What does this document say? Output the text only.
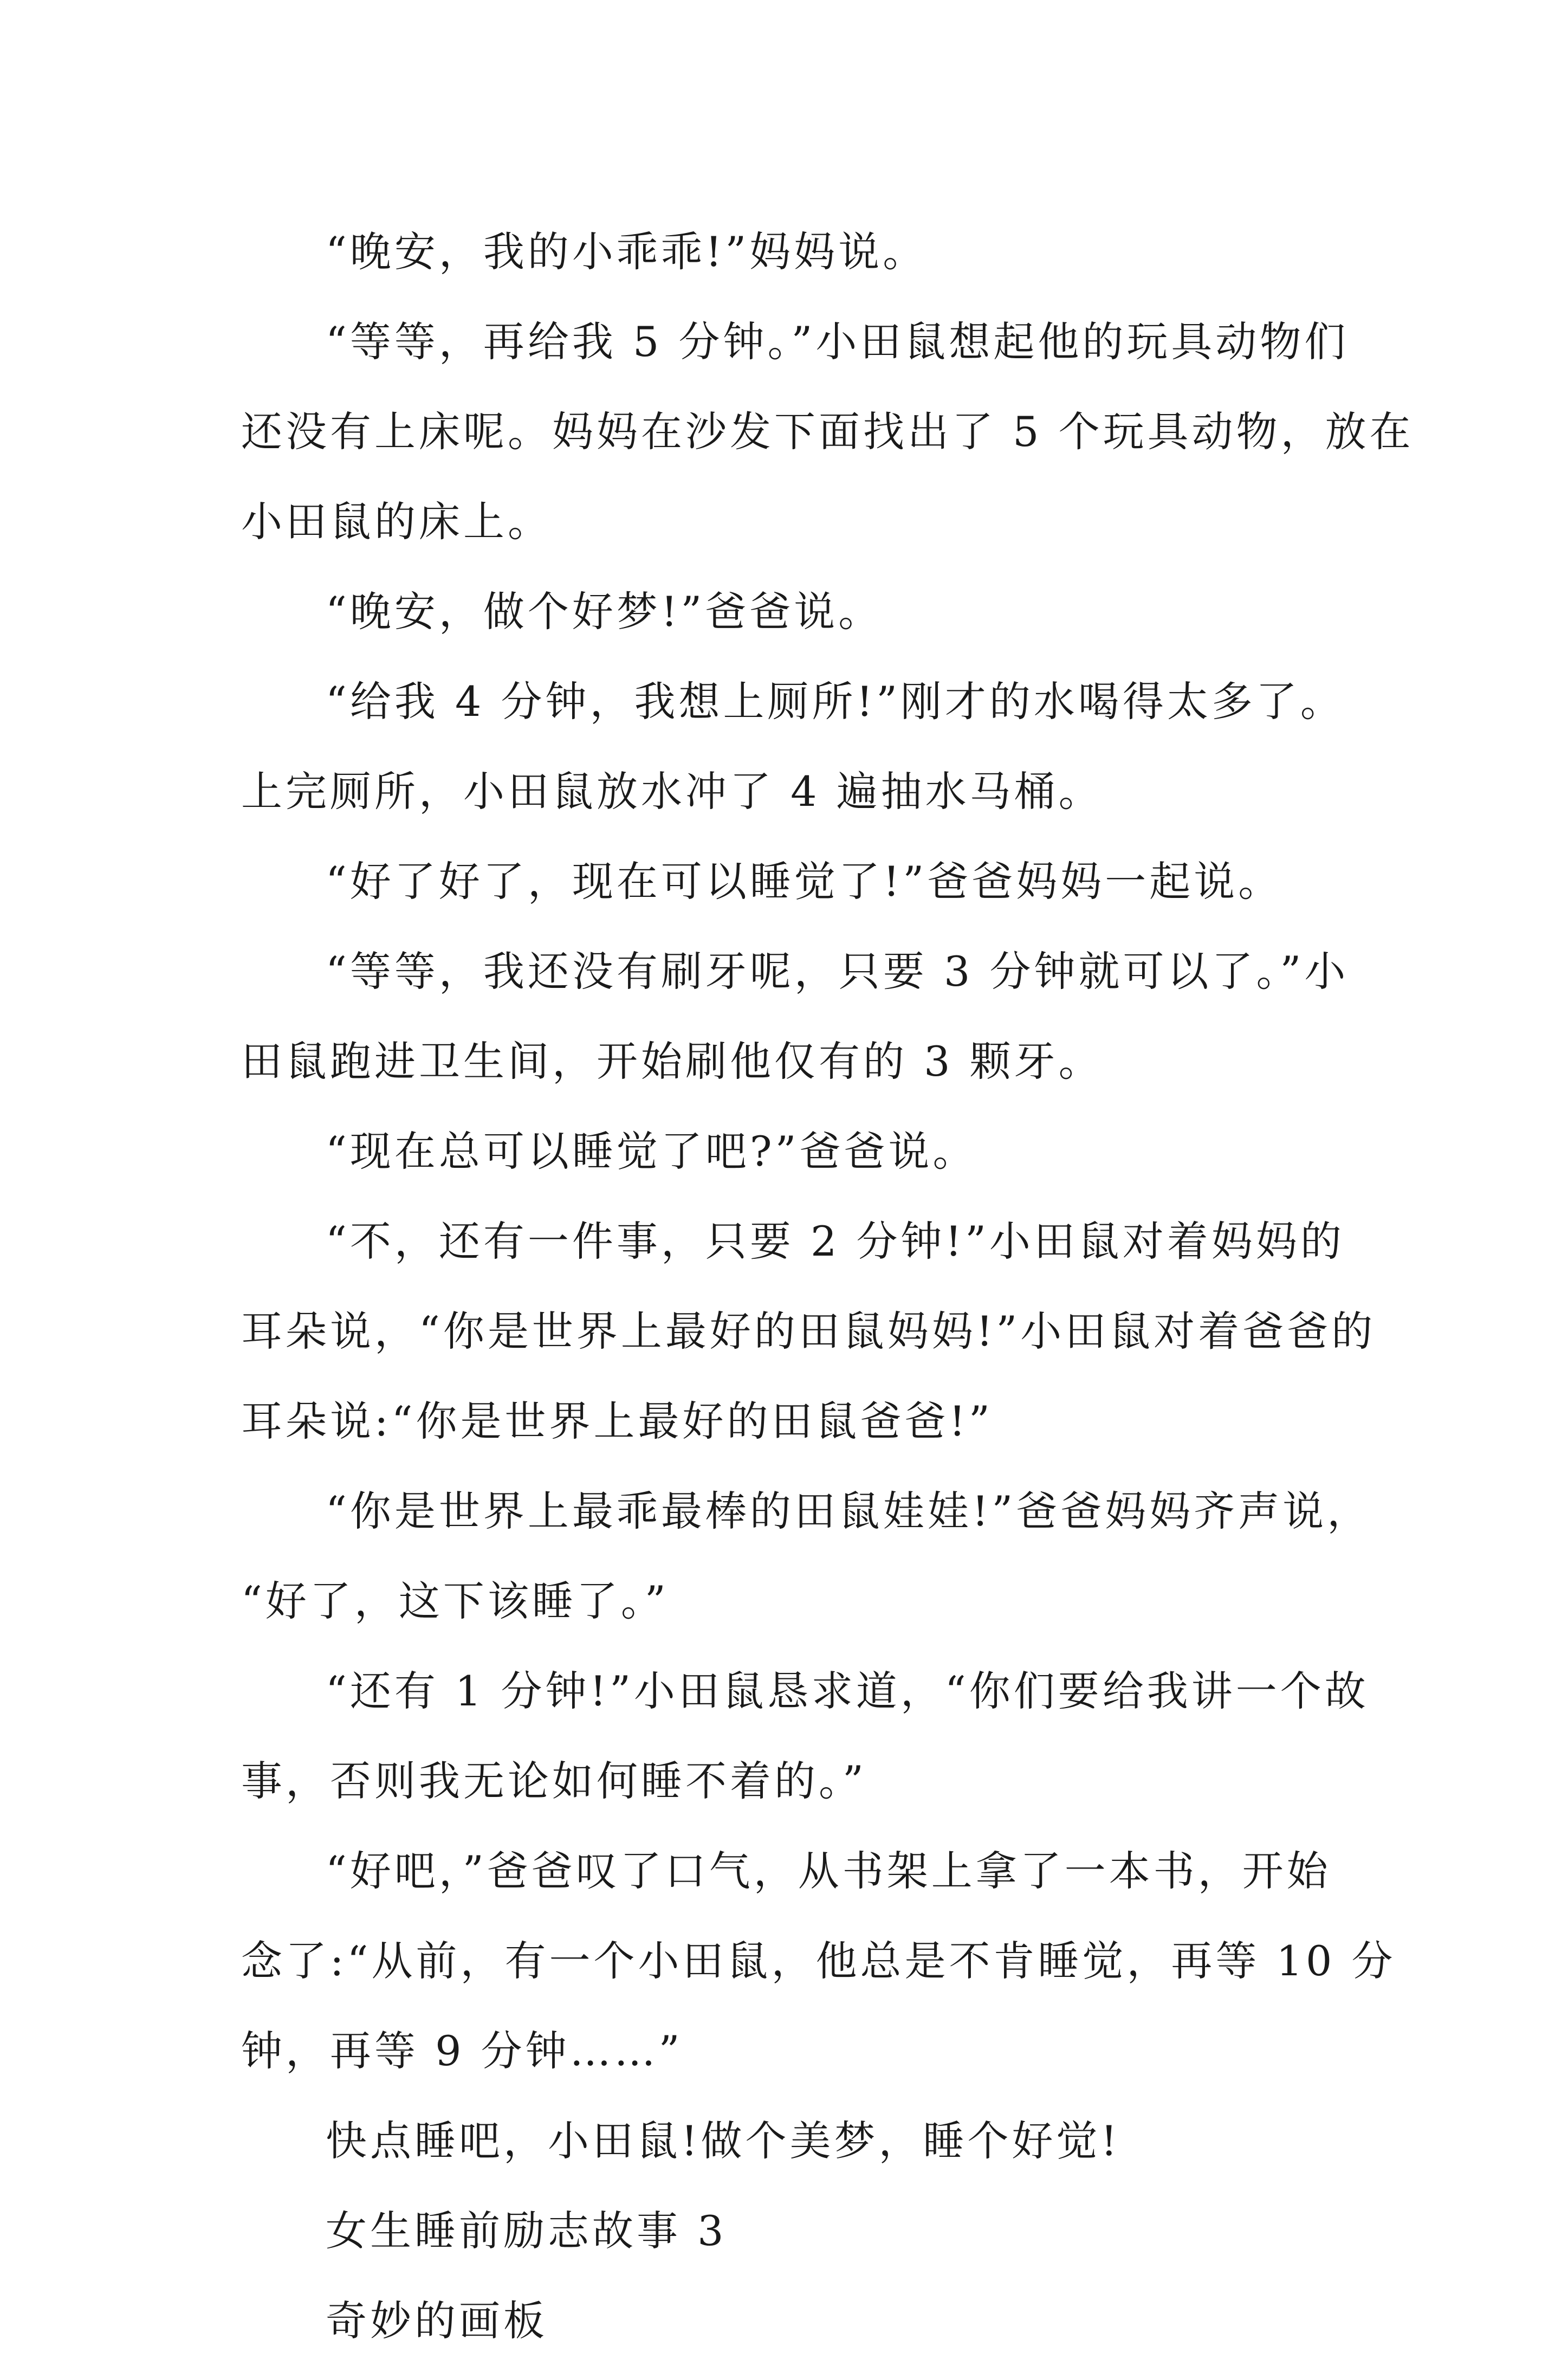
“晚安，我的小乖乖!”妈妈说。
“等等，再给我 5 分钟。”小田鼠想起他的玩具动物们
还没有上床呢。妈妈在沙发下面找出了 5 个玩具动物，放在
小田鼠的床上。
“晚安，做个好梦!”爸爸说。
“给我 4 分钟，我想上厕所!”刚才的水喝得太多了。
上完厕所，小田鼠放水冲了 4 遍抽水马桶。
“好了好了，现在可以睡觉了!”爸爸妈妈一起说。
“等等，我还没有刷牙呢，只要 3 分钟就可以了。”小
田鼠跑进卫生间，开始刷他仅有的 3 颗牙。
“现在总可以睡觉了吧?”爸爸说。
“不，还有一件事，只要 2 分钟!”小田鼠对着妈妈的
耳朵说，“你是世界上最好的田鼠妈妈!”小田鼠对着爸爸的
耳朵说:“你是世界上最好的田鼠爸爸!”
“你是世界上最乖最棒的田鼠娃娃!”爸爸妈妈齐声说，
“好了，这下该睡了。”
“还有 1 分钟!”小田鼠恳求道，“你们要给我讲一个故
事，否则我无论如何睡不着的。”
“好吧，”爸爸叹了口气，从书架上拿了一本书，开始
念了:“从前，有一个小田鼠，他总是不肯睡觉，再等 10 分
钟，再等 9 分钟……”
快点睡吧，小田鼠!做个美梦，睡个好觉!
女生睡前励志故事 3
奇妙的画板
